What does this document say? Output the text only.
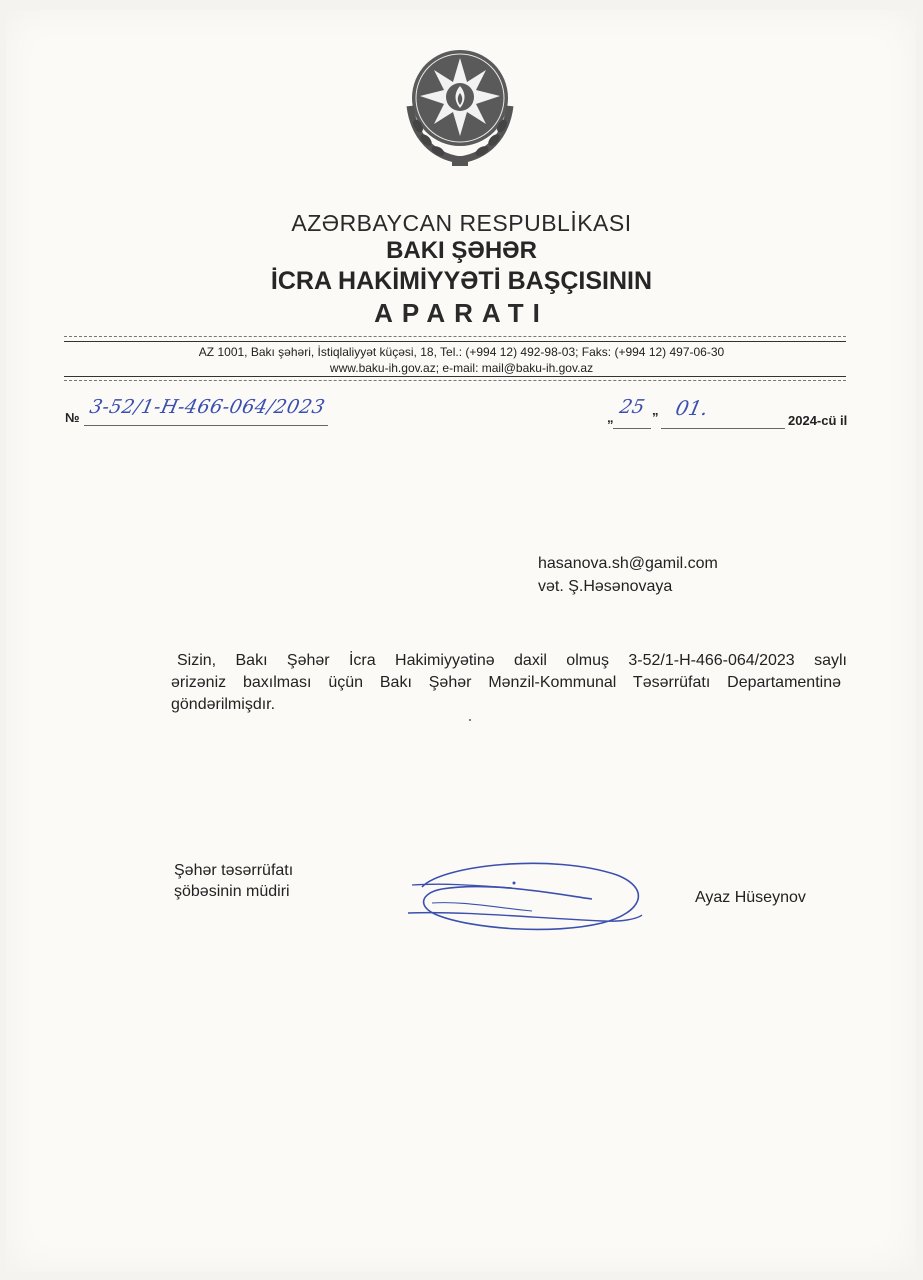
AZƏRBAYCAN RESPUBLİKASI
BAKI ŞƏHƏR
İCRA HAKİMİYYƏTİ BAŞÇISININ
APARATI
AZ 1001, Bakı şəhəri, İstiqlaliyyət küçəsi, 18, Tel.: (+994 12) 492-98-03; Faks: (+994 12) 497-06-30
www.baku-ih.gov.az; e-mail: mail@baku-ih.gov.az
№ 3-52/1-H-466-064/2023	„ 25 ” 01.
2024-cü il
hasanova.sh@gamil.com
vət. Ş.Həsənovaya
Sizin, Bakı Şəhər İcra Hakimiyyətinə daxil olmuş 3-52/1-H-466-064/2023 saylı
ərizəniz baxılması üçün Bakı Şəhər Mənzil-Kommunal Təsərrüfatı Departamentinə
göndərilmişdır.
Şəhər təsərrüfatı
şöbəsinin müdiri	Ayaz Hüseynov
